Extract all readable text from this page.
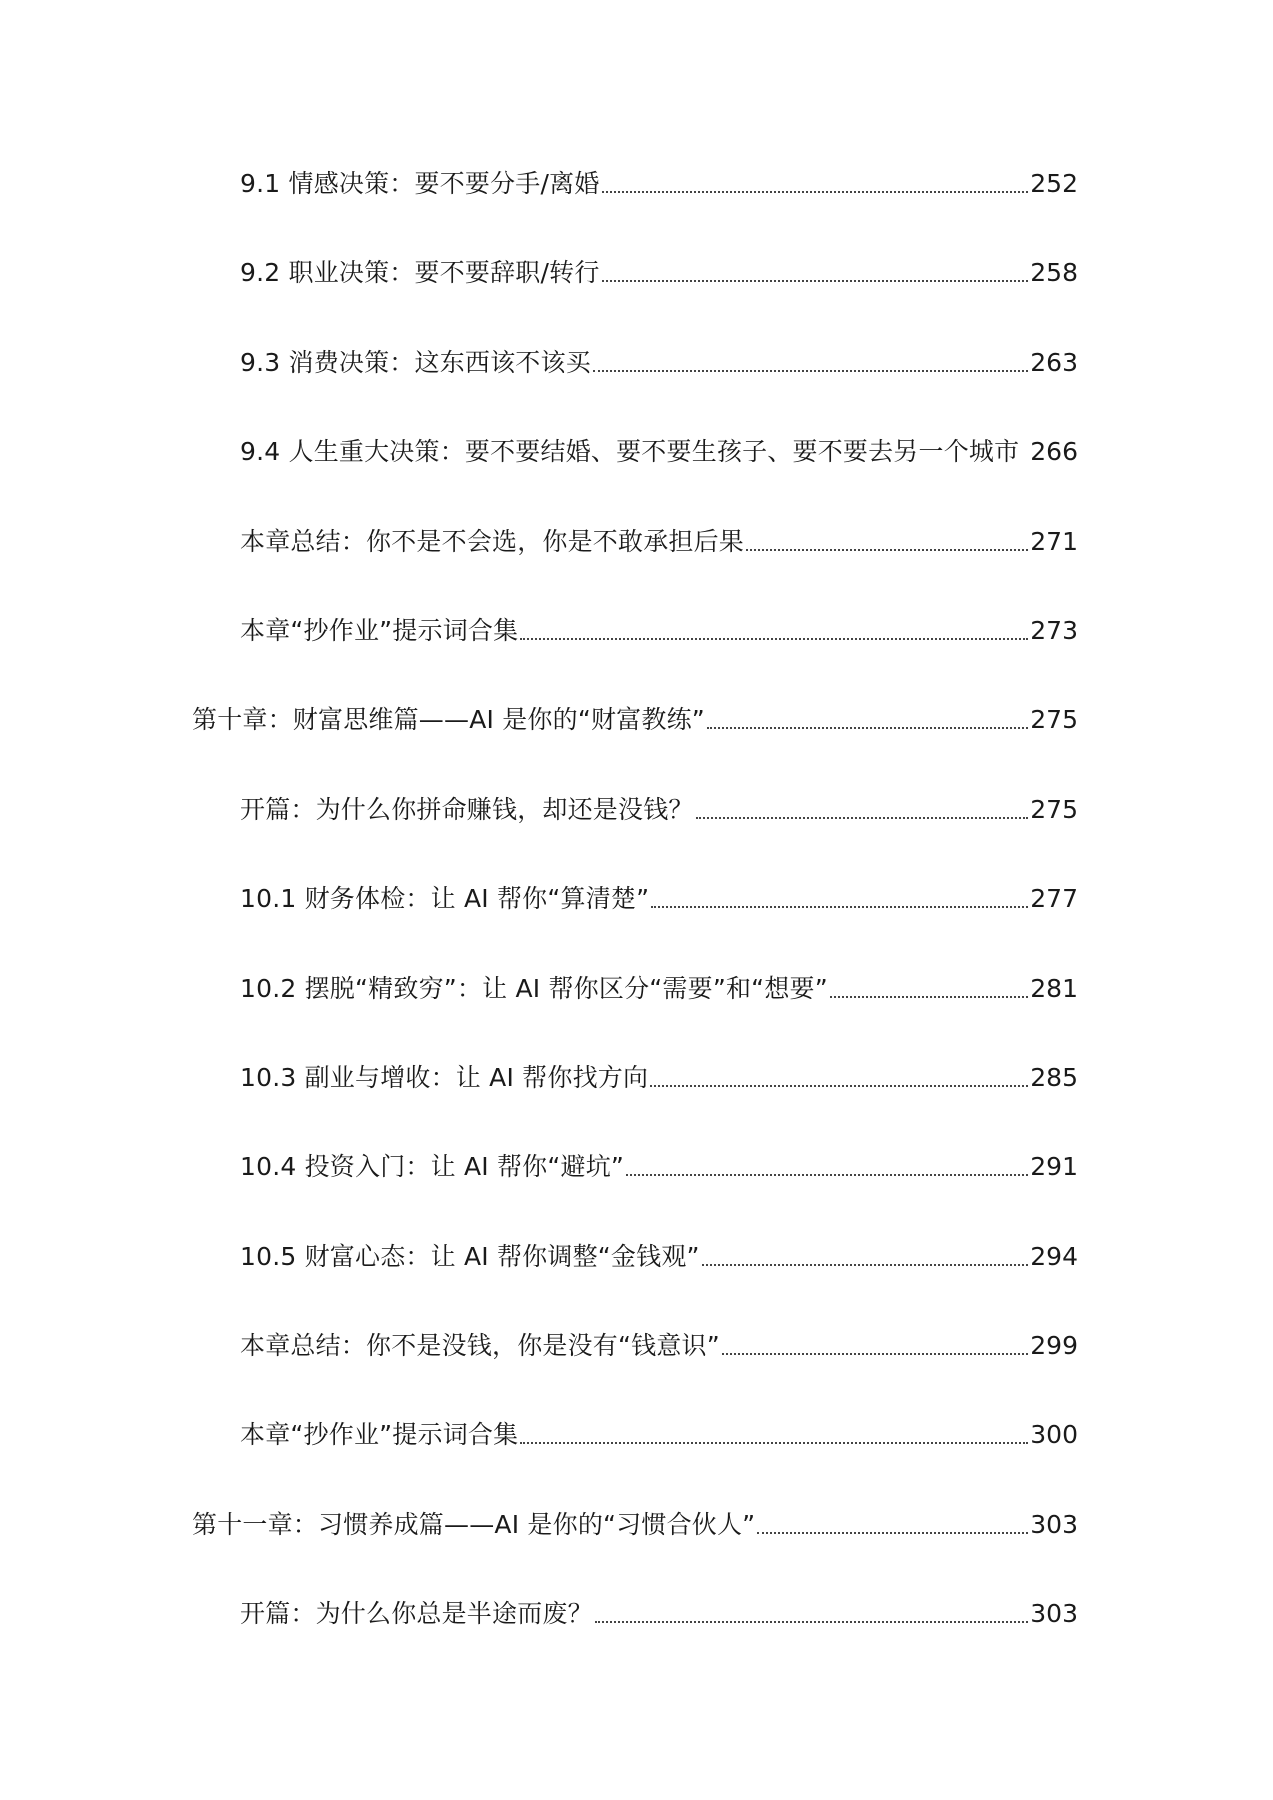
9.1 情感决策：要不要分手/离婚	252
9.2 职业决策：要不要辞职/转行	258
9.3 消费决策：这东西该不该买	263
9.4 人生重大决策：要不要结婚、要不要生孩子、要不要去另一个城市 266
本章总结：你不是不会选，你是不敢承担后果	271
本章“抄作业”提示词合集	273
第十章：财富思维篇——AI 是你的“财富教练”	275
开篇：为什么你拼命赚钱，却还是没钱？	275
10.1 财务体检：让 AI 帮你“算清楚”	277
10.2 摆脱“精致穷”：让 AI 帮你区分“需要”和“想要”	281
10.3 副业与增收：让 AI 帮你找方向	285
10.4 投资入门：让 AI 帮你“避坑”	291
10.5 财富心态：让 AI 帮你调整“金钱观”	294
本章总结：你不是没钱，你是没有“钱意识”	299
本章“抄作业”提示词合集	300
第十一章：习惯养成篇——AI 是你的“习惯合伙人”	303
开篇：为什么你总是半途而废？	303
